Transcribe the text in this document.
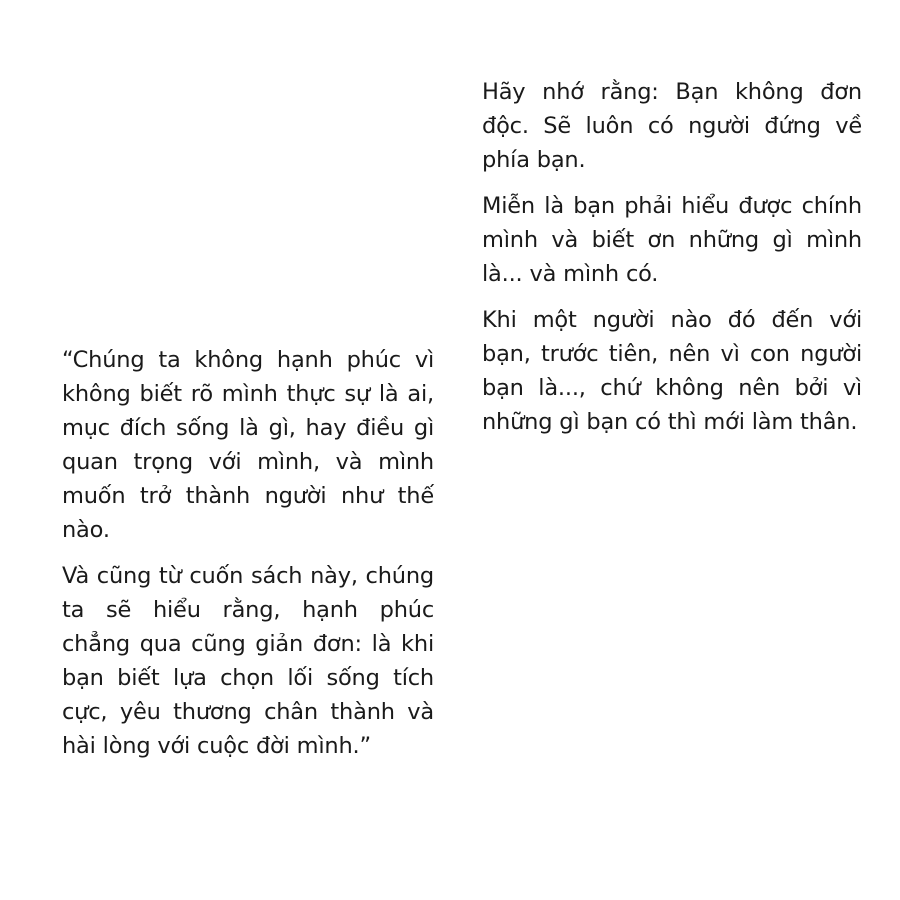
“Chúng ta không hạnh phúc vì không biết rõ mình thực sự là ai, mục đích sống là gì, hay điều gì quan trọng với mình, và mình muốn trở thành người như thế nào.

Và cũng từ cuốn sách này, chúng ta sẽ hiểu rằng, hạnh phúc chẳng qua cũng giản đơn: là khi bạn biết lựa chọn lối sống tích cực, yêu thương chân thành và hài lòng với cuộc đời mình.”

Hãy nhớ rằng: Bạn không đơn độc. Sẽ luôn có người đứng về phía bạn.

Miễn là bạn phải hiểu được chính mình và biết ơn những gì mình là... và mình có.

Khi một người nào đó đến với bạn, trước tiên, nên vì con người bạn là..., chứ không nên bởi vì những gì bạn có thì mới làm thân.
